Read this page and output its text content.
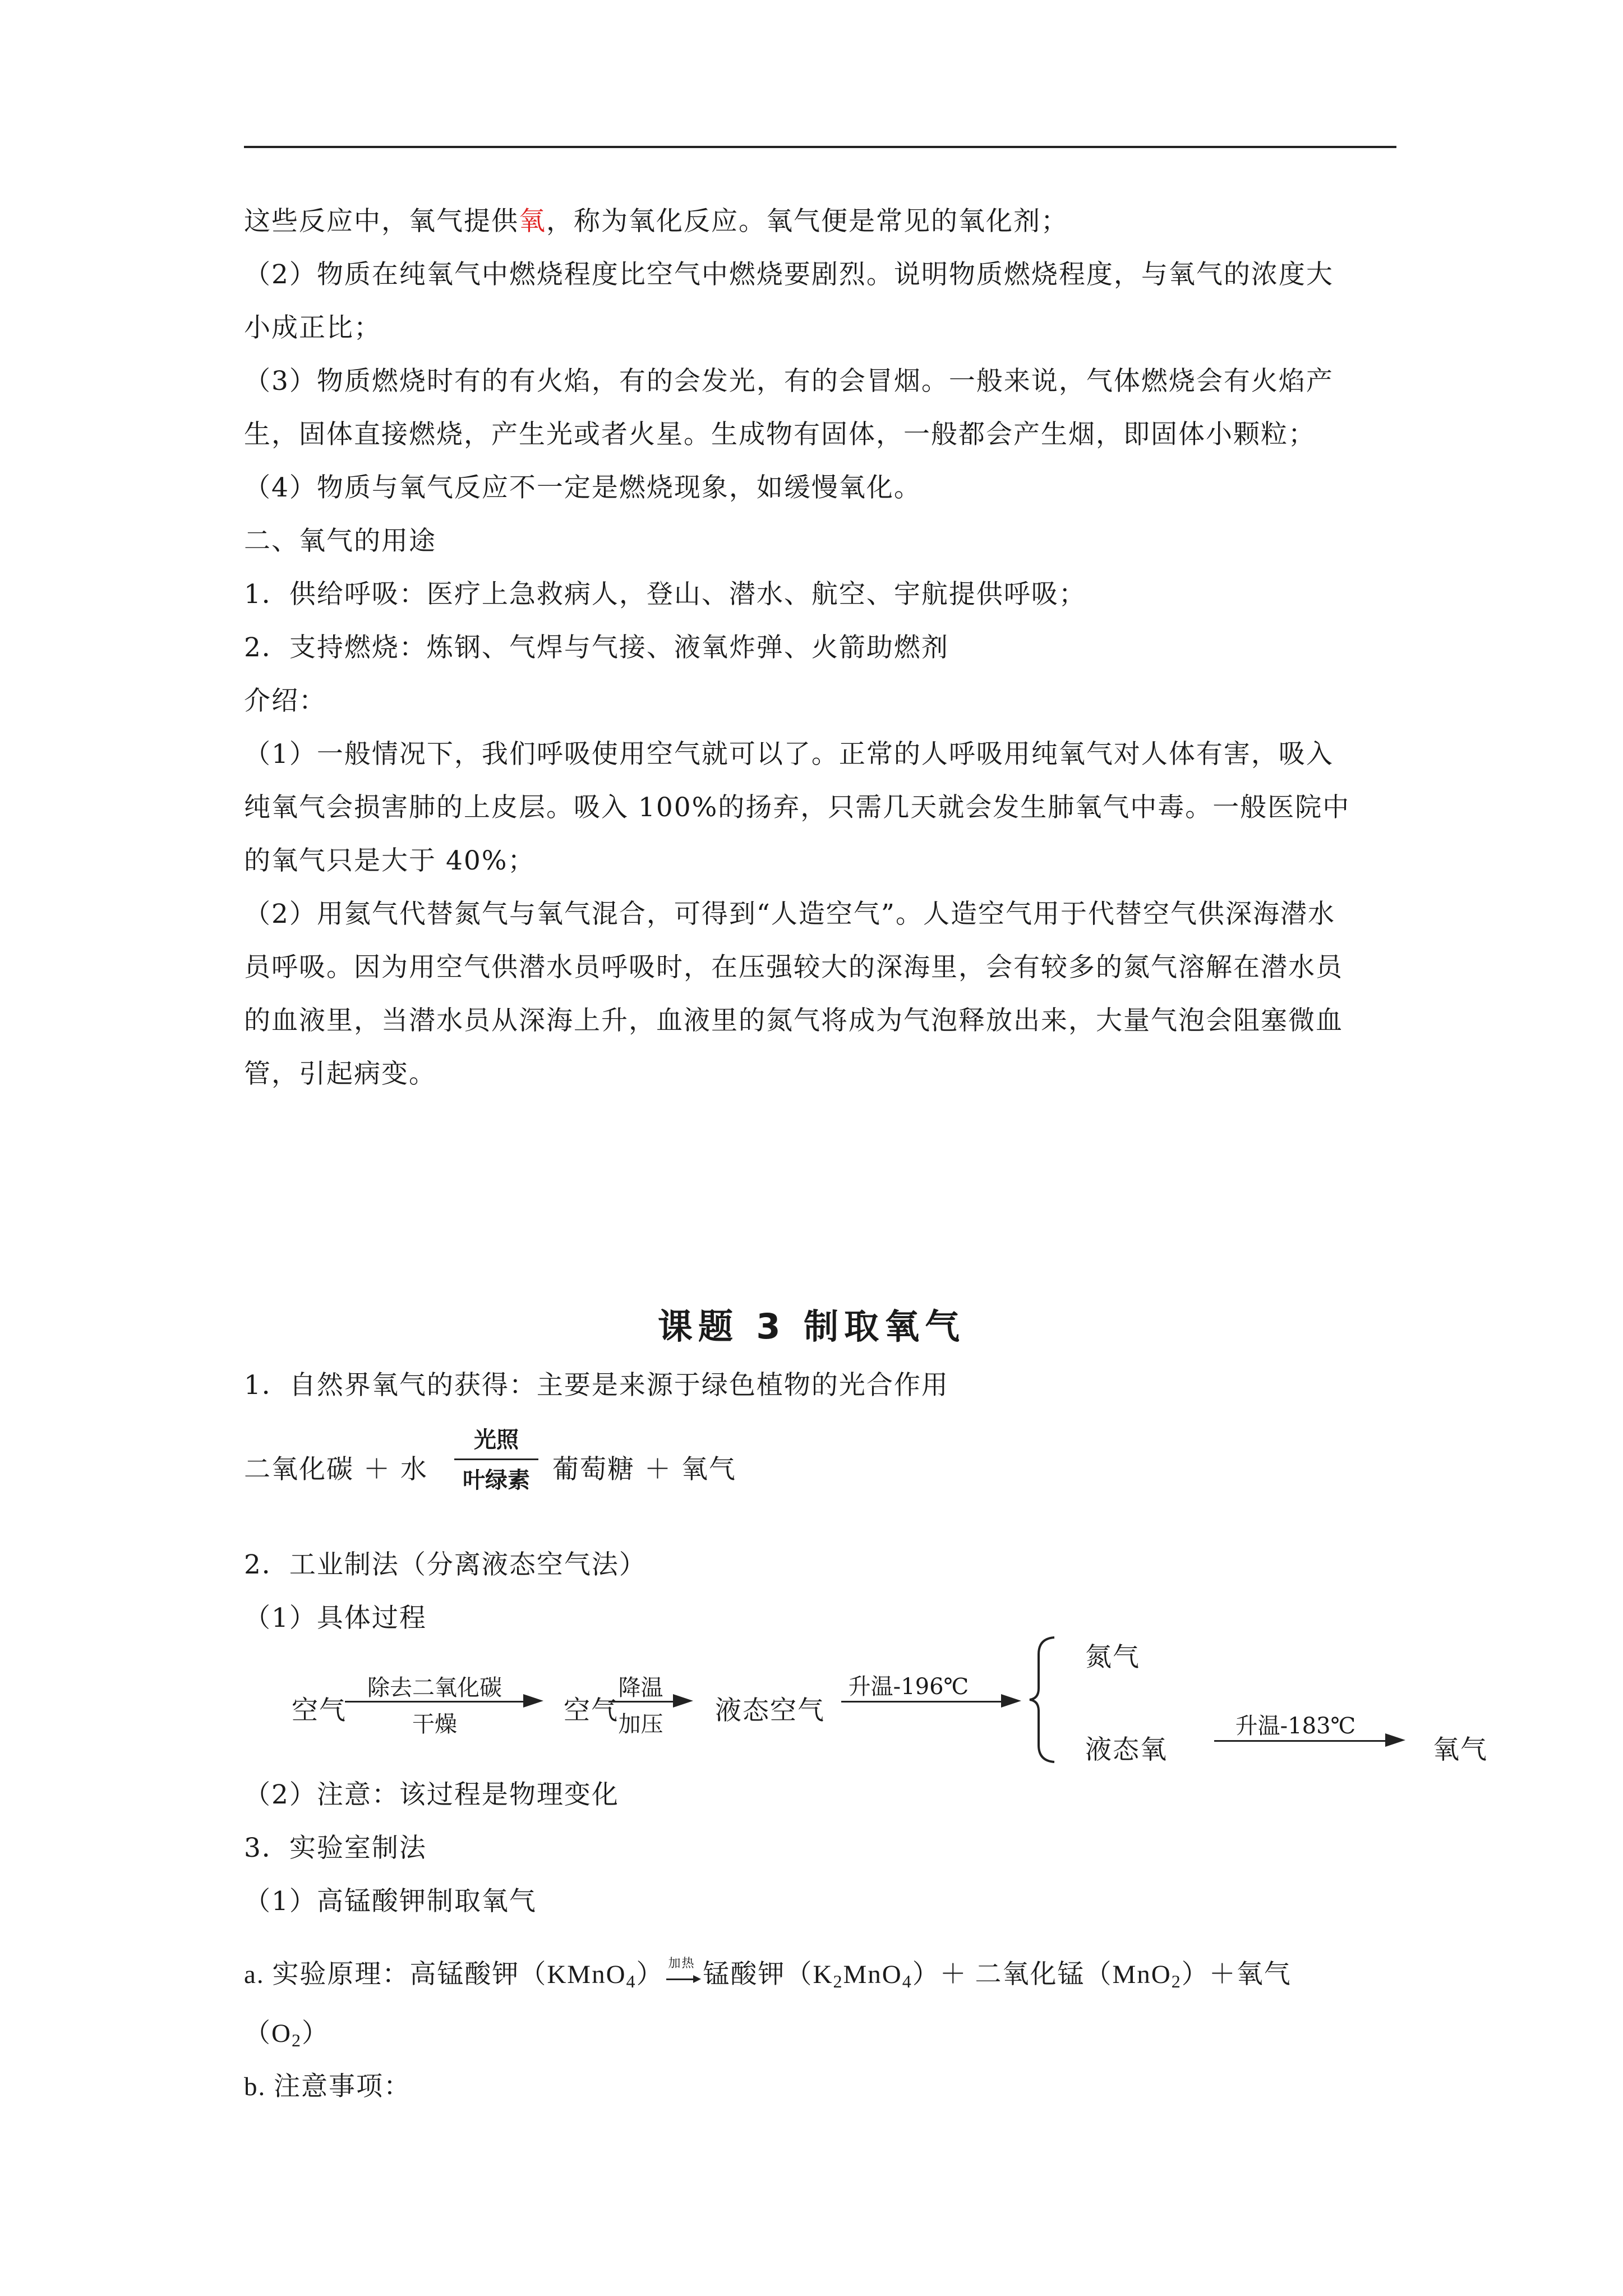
这些反应中，氧气提供氧，称为氧化反应。氧气便是常见的氧化剂；
（2）物质在纯氧气中燃烧程度比空气中燃烧要剧烈。说明物质燃烧程度，与氧气的浓度大
小成正比；
（3）物质燃烧时有的有火焰，有的会发光，有的会冒烟。一般来说，气体燃烧会有火焰产
生，固体直接燃烧，产生光或者火星。生成物有固体，一般都会产生烟，即固体小颗粒；
（4）物质与氧气反应不一定是燃烧现象，如缓慢氧化。
二、氧气的用途
1．供给呼吸：医疗上急救病人，登山、潜水、航空、宇航提供呼吸；
2．支持燃烧：炼钢、气焊与气接、液氧炸弹、火箭助燃剂
介绍：
（1）一般情况下，我们呼吸使用空气就可以了。正常的人呼吸用纯氧气对人体有害，吸入
纯氧气会损害肺的上皮层。吸入 100%的扬弃，只需几天就会发生肺氧气中毒。一般医院中
的氧气只是大于 40%；
（2）用氦气代替氮气与氧气混合，可得到“人造空气”。人造空气用于代替空气供深海潜水
员呼吸。因为用空气供潜水员呼吸时，在压强较大的深海里，会有较多的氮气溶解在潜水员
的血液里，当潜水员从深海上升，血液里的氮气将成为气泡释放出来，大量气泡会阻塞微血
管，引起病变。
课题 3 制取氧气
1．自然界氧气的获得：主要是来源于绿色植物的光合作用
二氧化碳 ＋ 水
光照
叶绿素 葡萄糖 ＋ 氧气
2．工业制法（分离液态空气法）
（1）具体过程
空气
除去二氧化碳
干燥	空气
降温
加压	液态空气
升温-196℃
氮气
液态氧
升温-183℃
氧气
（2）注意：该过程是物理变化
3．实验室制法
（1）高锰酸钾制取氧气
a. 实验原理：高锰酸钾（KMnO$_4$） 加热 锰酸钾$(K_2MnO_4)+$ 二氧化锰（MnO$_2$）＋氧气
$(O_2)$
b. 注意事项：
